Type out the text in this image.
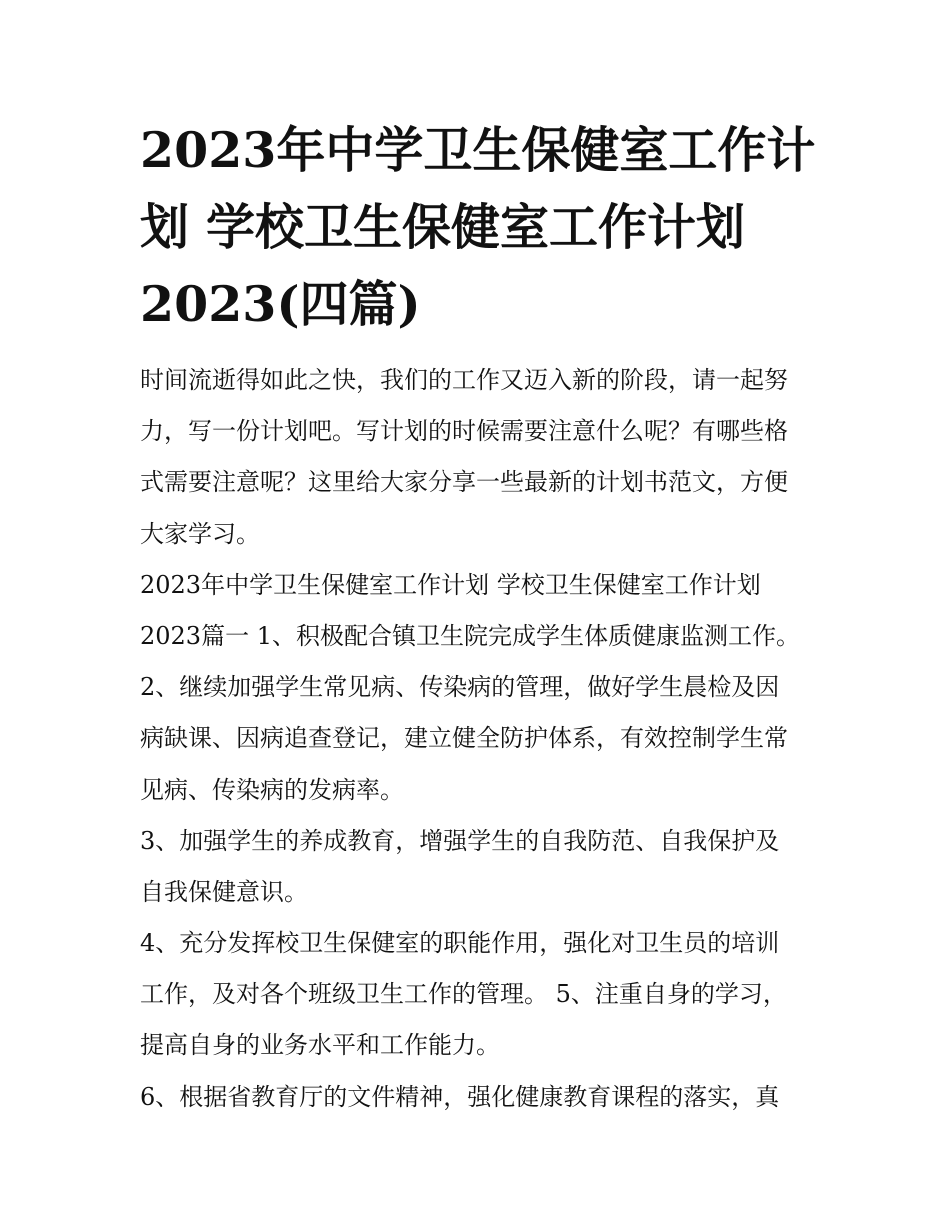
2023年中学卫生保健室工作计
划 学校卫生保健室工作计划
2023(四篇)
时间流逝得如此之快，我们的工作又迈入新的阶段，请一起努
力，写一份计划吧。写计划的时候需要注意什么呢？有哪些格
式需要注意呢？这里给大家分享一些最新的计划书范文，方便
大家学习。
2023年中学卫生保健室工作计划 学校卫生保健室工作计划
2023篇一 1、积极配合镇卫生院完成学生体质健康监测工作。
2、继续加强学生常见病、传染病的管理，做好学生晨检及因
病缺课、因病追查登记，建立健全防护体系，有效控制学生常
见病、传染病的发病率。
3、加强学生的养成教育，增强学生的自我防范、自我保护及
自我保健意识。
4、充分发挥校卫生保健室的职能作用，强化对卫生员的培训
工作，及对各个班级卫生工作的管理。 5、注重自身的学习，
提高自身的业务水平和工作能力。
6、根据省教育厅的文件精神，强化健康教育课程的落实，真
